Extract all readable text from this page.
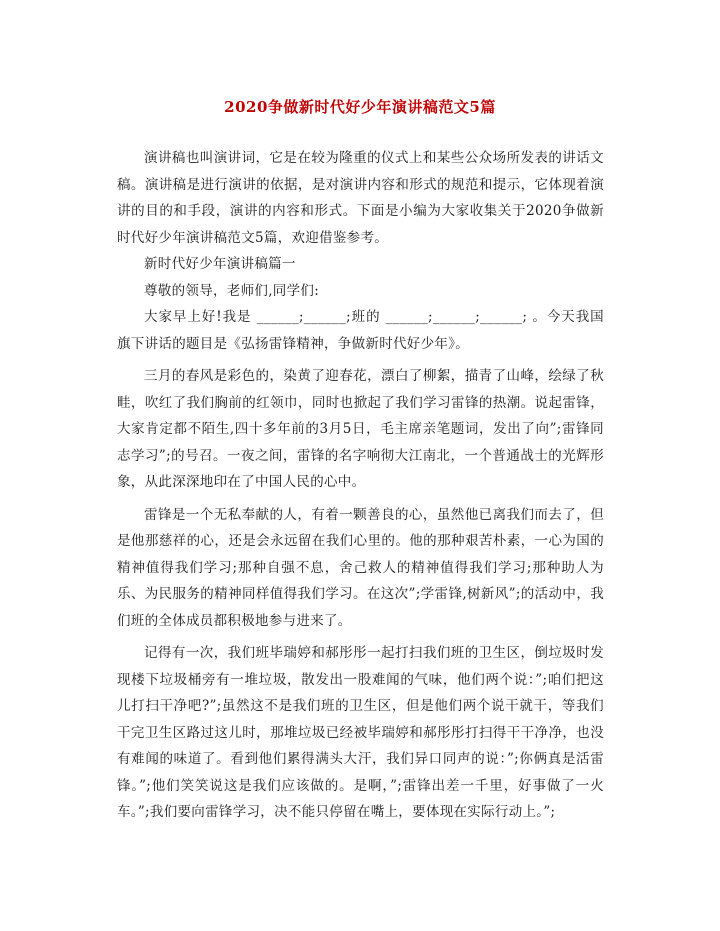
2020争做新时代好少年演讲稿范文5篇

演讲稿也叫演讲词，它是在较为隆重的仪式上和某些公众场所发表的讲话文稿。演讲稿是进行演讲的依据，是对演讲内容和形式的规范和提示，它体现着演讲的目的和手段，演讲的内容和形式。下面是小编为大家收集关于2020争做新时代好少年演讲稿范文5篇，欢迎借鉴参考。

新时代好少年演讲稿篇一

尊敬的领导，老师们,同学们:

大家早上好!我是 ______;______;班的 ______;______;______; 。今天我国旗下讲话的题目是《弘扬雷锋精神，争做新时代好少年》。

三月的春风是彩色的，染黄了迎春花，漂白了柳絮，描青了山峰，绘绿了秋畦，吹红了我们胸前的红领巾，同时也掀起了我们学习雷锋的热潮。说起雷锋，大家肯定都不陌生,四十多年前的3月5日，毛主席亲笔题词，发出了向”;雷锋同志学习”;的号召。一夜之间，雷锋的名字响彻大江南北，一个普通战士的光辉形象，从此深深地印在了中国人民的心中。

雷锋是一个无私奉献的人，有着一颗善良的心，虽然他已离我们而去了，但是他那慈祥的心，还是会永远留在我们心里的。他的那种艰苦朴素，一心为国的精神值得我们学习;那种自强不息，舍己救人的精神值得我们学习;那种助人为乐、为民服务的精神同样值得我们学习。在这次”;学雷锋,树新风”;的活动中，我们班的全体成员都积极地参与进来了。

记得有一次，我们班毕瑞婷和郝彤彤一起打扫我们班的卫生区，倒垃圾时发现楼下垃圾桶旁有一堆垃圾，散发出一股难闻的气味，他们两个说：”;咱们把这儿打扫干净吧?”;虽然这不是我们班的卫生区，但是他们两个说干就干，等我们干完卫生区路过这儿时，那堆垃圾已经被毕瑞婷和郝彤彤打扫得干干净净，也没有难闻的味道了。看到他们累得满头大汗，我们异口同声的说：”;你俩真是活雷锋。”;他们笑笑说这是我们应该做的。是啊，”;雷锋出差一千里，好事做了一火车。”;我们要向雷锋学习，决不能只停留在嘴上，要体现在实际行动上。”;
